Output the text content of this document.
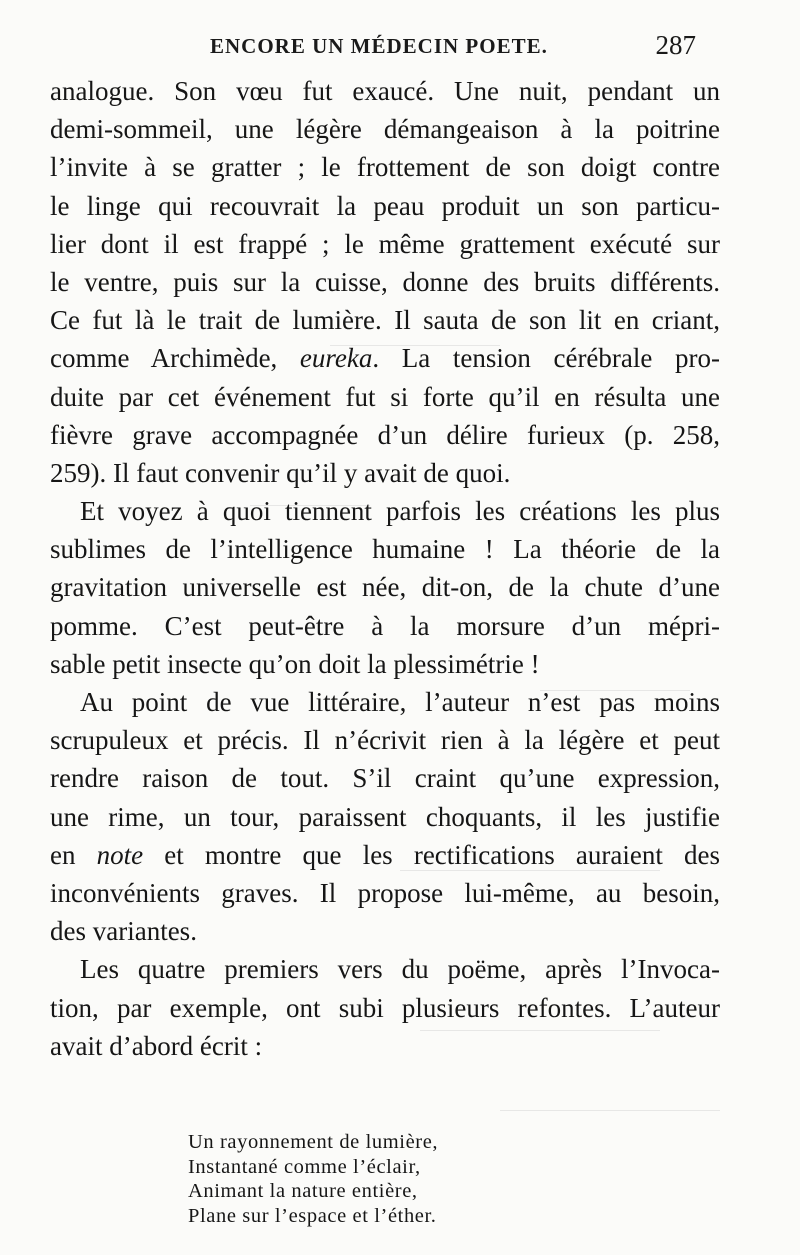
ENCORE UN MÉDECIN POETE.	287
analogue. Son vœu fut exaucé. Une nuit, pendant un
demi-sommeil, une légère démangeaison à la poitrine
l’invite à se gratter ; le frottement de son doigt contre
le linge qui recouvrait la peau produit un son particu-
lier dont il est frappé ; le même grattement exécuté sur
le ventre, puis sur la cuisse, donne des bruits différents.
Ce fut là le trait de lumière. Il sauta de son lit en criant,
comme Archimède, eureka. La tension cérébrale pro-
duite par cet événement fut si forte qu’il en résulta une
fièvre grave accompagnée d’un délire furieux (p. 258,
259). Il faut convenir qu’il y avait de quoi.
Et voyez à quoi tiennent parfois les créations les plus
sublimes de l’intelligence humaine ! La théorie de la
gravitation universelle est née, dit-on, de la chute d’une
pomme. C’est peut-être à la morsure d’un mépri-
sable petit insecte qu’on doit la plessimétrie !
Au point de vue littéraire, l’auteur n’est pas moins
scrupuleux et précis. Il n’écrivit rien à la légère et peut
rendre raison de tout. S’il craint qu’une expression,
une rime, un tour, paraissent choquants, il les justifie
en note et montre que les rectifications auraient des
inconvénients graves. Il propose lui-même, au besoin,
des variantes.
Les quatre premiers vers du poëme, après l’Invoca-
tion, par exemple, ont subi plusieurs refontes. L’auteur
avait d’abord écrit :
Un rayonnement de lumière,
Instantané comme l’éclair,
Animant la nature entière,
Plane sur l’espace et l’éther.
